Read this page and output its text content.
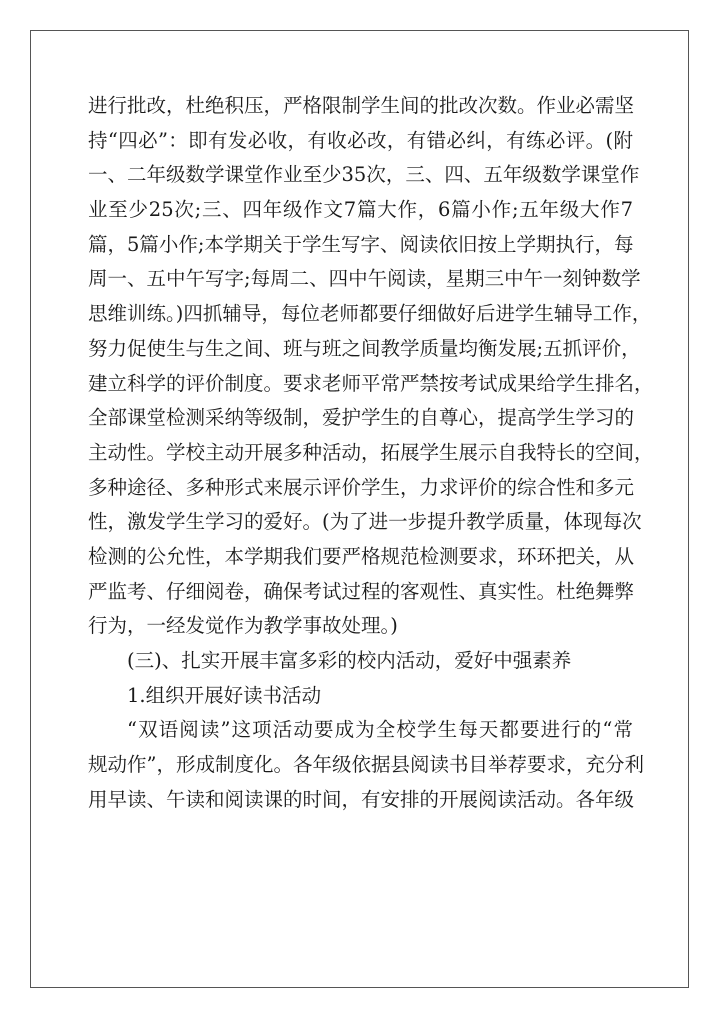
进行批改，杜绝积压，严格限制学生间的批改次数。作业必需坚
持“四必”：即有发必收，有收必改，有错必纠，有练必评。(附
一、二年级数学课堂作业至少35次，三、四、五年级数学课堂作
业至少25次;三、四年级作文7篇大作，6篇小作;五年级大作7
篇，5篇小作;本学期关于学生写字、阅读依旧按上学期执行，每
周一、五中午写字;每周二、四中午阅读，星期三中午一刻钟数学
思维训练。)四抓辅导，每位老师都要仔细做好后进学生辅导工作，
努力促使生与生之间、班与班之间教学质量均衡发展;五抓评价，
建立科学的评价制度。要求老师平常严禁按考试成果给学生排名，
全部课堂检测采纳等级制，爱护学生的自尊心，提高学生学习的
主动性。学校主动开展多种活动，拓展学生展示自我特长的空间，
多种途径、多种形式来展示评价学生，力求评价的综合性和多元
性，激发学生学习的爱好。(为了进一步提升教学质量，体现每次
检测的公允性，本学期我们要严格规范检测要求，环环把关，从
严监考、仔细阅卷，确保考试过程的客观性、真实性。杜绝舞弊
行为，一经发觉作为教学事故处理。)
(三)、扎实开展丰富多彩的校内活动，爱好中强素养
1.组织开展好读书活动
“双语阅读”这项活动要成为全校学生每天都要进行的“常
规动作”，形成制度化。各年级依据县阅读书目举荐要求，充分利
用早读、午读和阅读课的时间，有安排的开展阅读活动。各年级
